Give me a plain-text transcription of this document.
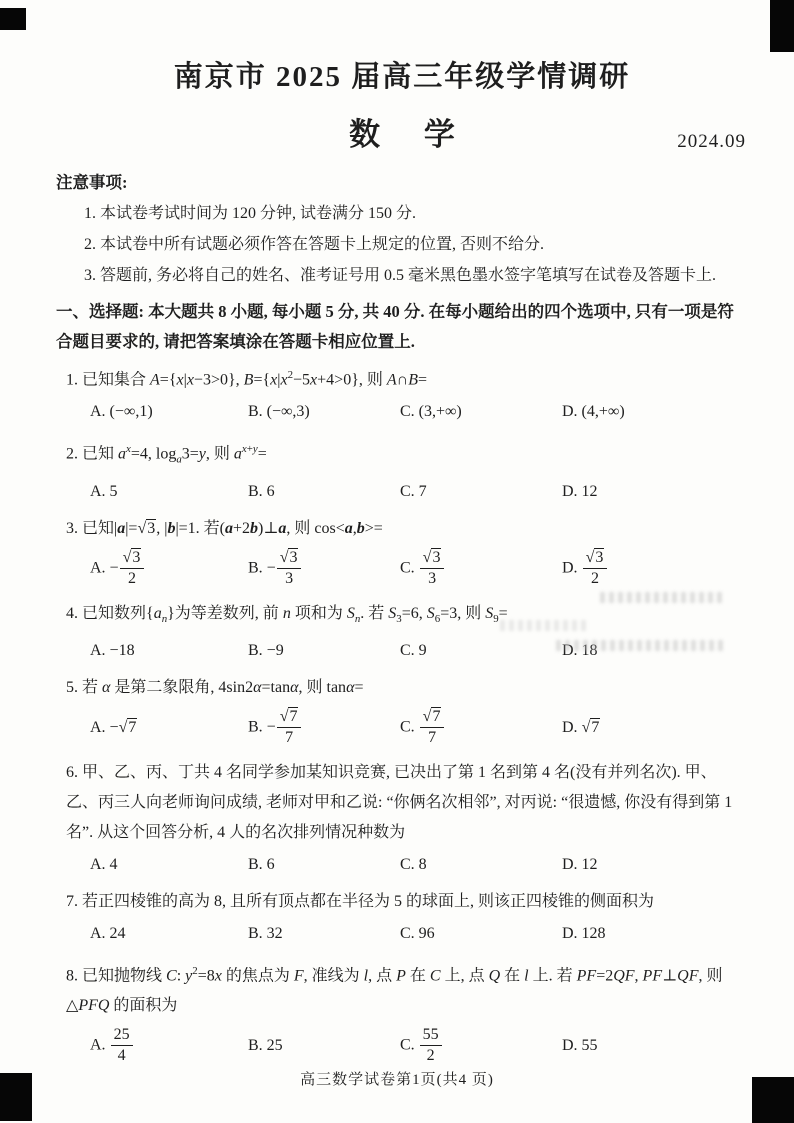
南京市 2025 届高三年级学情调研
数 学	2024.09
注意事项:

1. 本试卷考试时间为 120 分钟, 试卷满分 150 分.

2. 本试卷中所有试题必须作答在答题卡上规定的位置, 否则不给分.

3. 答题前, 务必将自己的姓名、准考证号用 0.5 毫米黑色墨水签字笔填写在试卷及答题卡上.

一、选择题: 本大题共 8 小题, 每小题 5 分, 共 40 分. 在每小题给出的四个选项中, 只有一项是符合题目要求的, 请把答案填涂在答题卡相应位置上.

1. 已知集合 A={x|x−3>0}, $B=\{x|x^2-5x+4>0\}$, 则 A∩B=

A. (−∞,1)	B. (−∞,3)	C. (3,+∞)	D. (4,+∞)

2. 已知 $a^x=4$, $\log_a3=y$, 则 $a^{x+y}=$

A. 5	B. 6	C. 7	D. 12

3. 已知|a|=√3, |b|=1. 若(a+2b)⊥a, 则 cos<a,b>=

A. − $\frac{√3}{2}$	B. − $\frac{√3}{3}$	C. $\frac{√3}{3}$	D. $\frac{√3}{2}$

4. 已知数列$\{a_n\}$为等差数列, 前 n 项和为 $S_n$. 若 $S_3=6$, $S_6=3$, 则 $S_9=$

A. −18	B. −9	C. 9	D. 18

5. 若 α 是第二象限角, 4sin2α=tanα, 则 tanα=

A. −√7	B. − $\frac{√7}{7}$	C. $\frac{√7}{7}$	D. √7

6. 甲、乙、丙、丁共 4 名同学参加某知识竞赛, 已决出了第 1 名到第 4 名(没有并列名次). 甲、乙、丙三人向老师询问成绩, 老师对甲和乙说: “你俩名次相邻”, 对丙说: “很遗憾, 你没有得到第 1 名”. 从这个回答分析, 4 人的名次排列情况种数为

A. 4	B. 6	C. 8	D. 12

7. 若正四棱锥的高为 8, 且所有顶点都在半径为 5 的球面上, 则该正四棱锥的侧面积为

A. 24	B. 32	C. 96	D. 128

8. 已知抛物线 C: $y^2=8x$ 的焦点为 F, 准线为 l, 点 P 在 C 上, 点 Q 在 l 上. 若 PF=2QF, PF⊥QF, 则 △PFQ 的面积为

A. $\frac{25}{4}$	B. 25	C. $\frac{55}{2}$	D. 55
高三数学试卷第1页(共4 页)
